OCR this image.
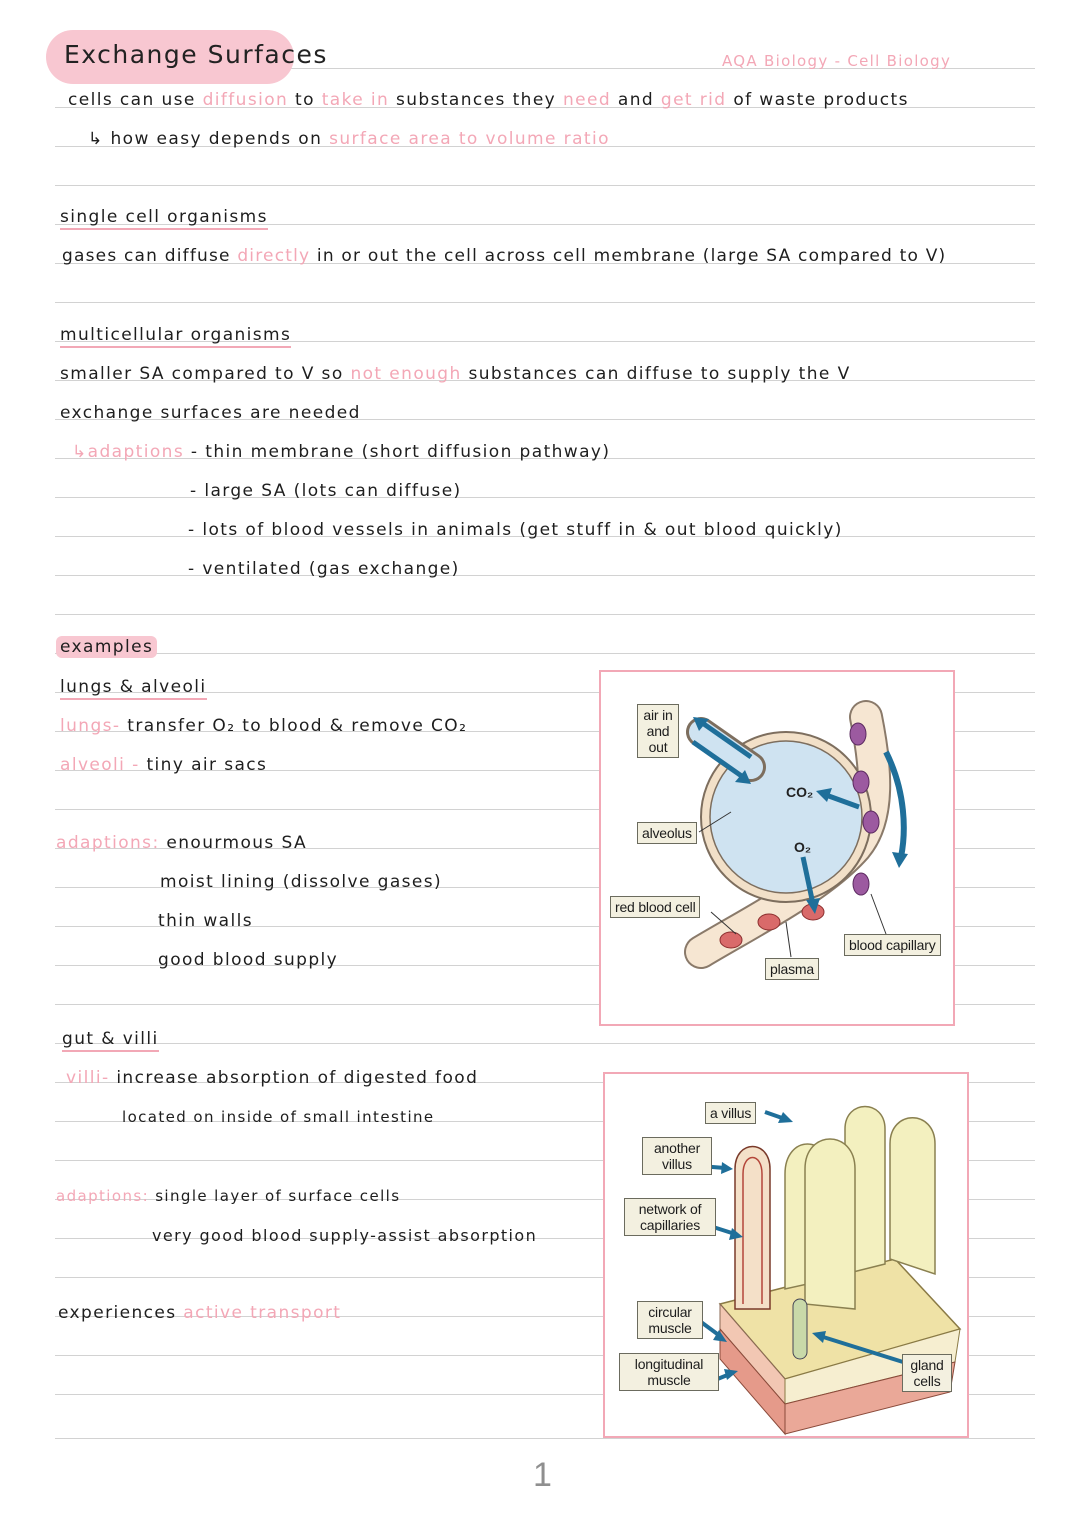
Exchange Surfaces	AQA Biology - Cell Biology
cells can use diffusion to take in substances they need and get rid of waste products
↳ how easy depends on surface area to volume ratio
single cell organisms
gases can diffuse directly in or out the cell across cell membrane (large SA compared to V)
multicellular organisms
smaller SA compared to V so not enough substances can diffuse to supply the V
exchange surfaces are needed
↳adaptions - thin membrane (short diffusion pathway)
- large SA (lots can diffuse)
- lots of blood vessels in animals (get stuff in & out blood quickly)
- ventilated (gas exchange)
examples
lungs & alveoli
lungs- transfer O₂ to blood & remove CO₂
alveoli - tiny air sacs
adaptions: enourmous SA
moist lining (dissolve gases)
thin walls
good blood supply
gut & villi
villi- increase absorption of digested food
located on inside of small intestine
adaptions: single layer of surface cells
very good blood supply-assist absorption
experiences active transport
CO₂
O₂
air in and out
alveolus
red blood cell
plasma
blood capillary
a villus
another villus
network of capillaries
circular muscle
longitudinal muscle
gland cells
1
